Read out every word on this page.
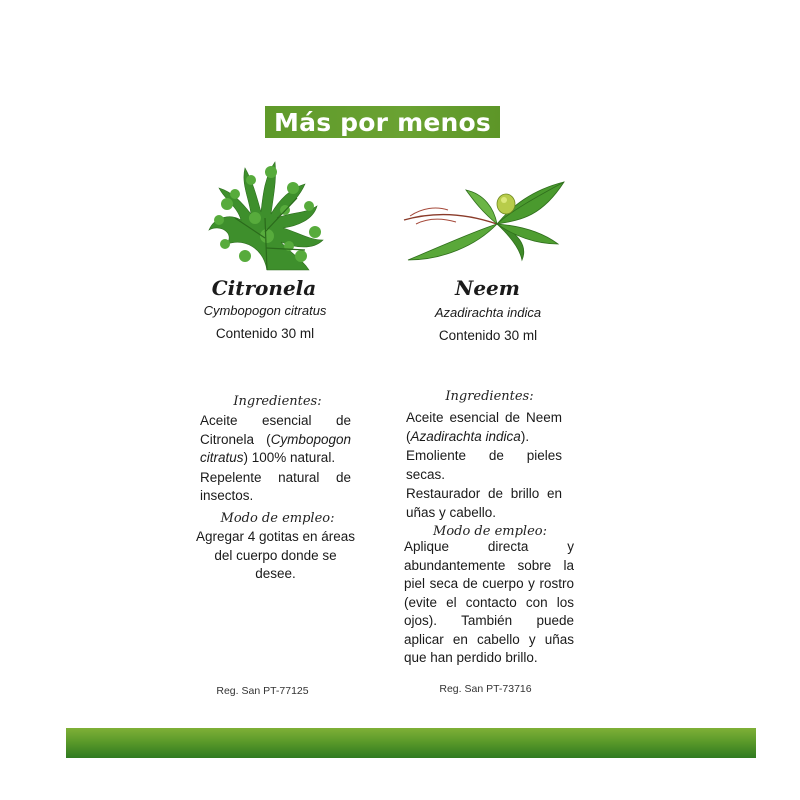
Más por menos
Citronela
Cymbopogon citratus
Contenido 30 ml
Ingredientes:

Aceite esencial de Citronela (Cymbopogon citratus) 100% natural.

Repelente natural de insectos.

Modo de empleo:
Agregar 4 gotitas en áreas del cuerpo donde se desee.
Reg. San PT-77125
Neem
Azadirachta indica
Contenido 30 ml
Ingredientes:

Aceite esencial de Neem (Azadirachta indica).

Emoliente de pieles secas.

Restaurador de brillo en uñas y cabello.

Modo de empleo:
Aplique directa y abundantemente sobre la piel seca de cuerpo y rostro (evite el contacto con los ojos). También puede aplicar en cabello y uñas que han perdido brillo.
Reg. San PT-73716
